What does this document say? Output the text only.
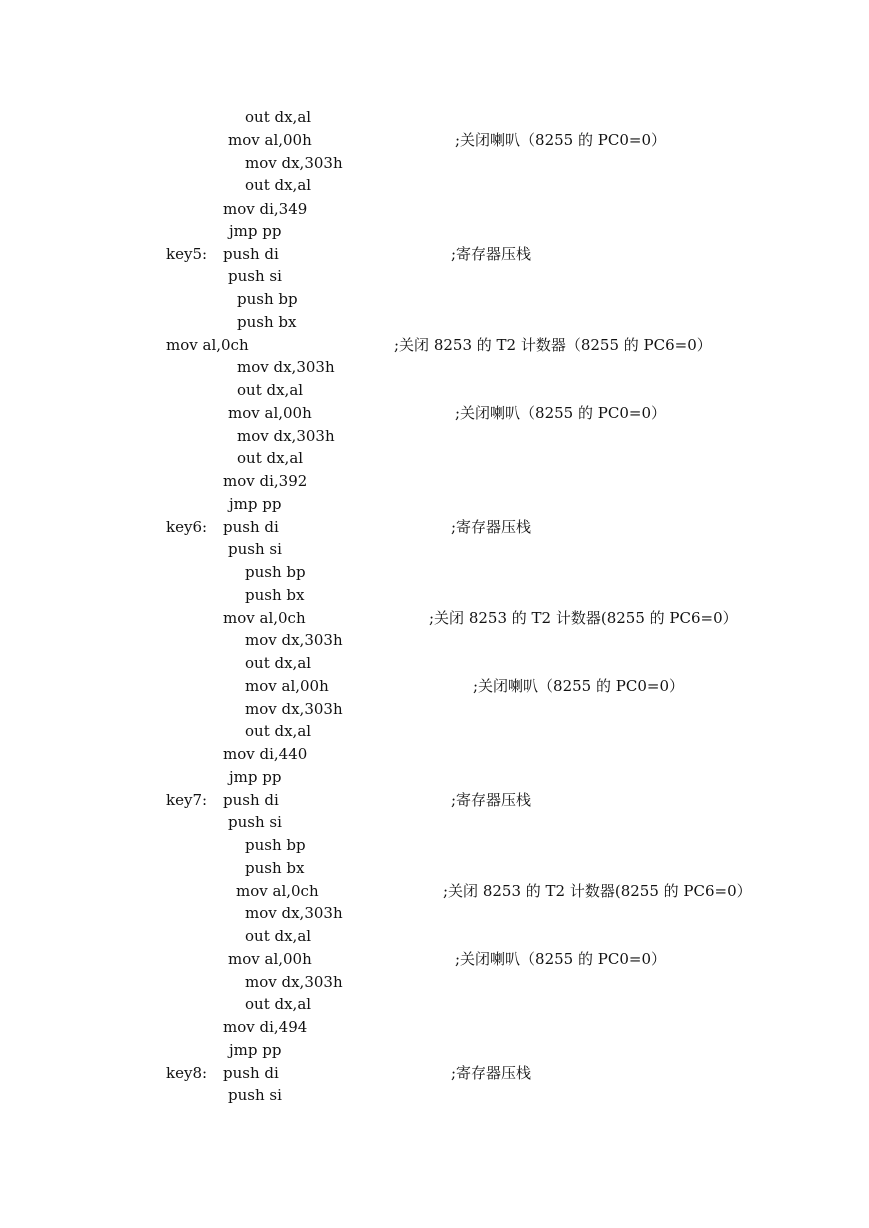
out dx,al
mov al,00h	;关闭喇叭（8255 的 PC0=0）
mov dx,303h
out dx,al
mov di,349
jmp pp
key5: push di	;寄存器压栈
push si
push bp
push bx
mov al,0ch	;关闭 8253 的 T2 计数器（8255 的 PC6=0）
mov dx,303h
out dx,al
mov al,00h	;关闭喇叭（8255 的 PC0=0）
mov dx,303h
out dx,al
mov di,392
jmp pp
key6: push di	;寄存器压栈
push si
push bp
push bx
mov al,0ch	;关闭 8253 的 T2 计数器(8255 的 PC6=0）
mov dx,303h
out dx,al
mov al,00h	;关闭喇叭（8255 的 PC0=0）
mov dx,303h
out dx,al
mov di,440
jmp pp
key7: push di	;寄存器压栈
push si
push bp
push bx
mov al,0ch	;关闭 8253 的 T2 计数器(8255 的 PC6=0）
mov dx,303h
out dx,al
mov al,00h	;关闭喇叭（8255 的 PC0=0）
mov dx,303h
out dx,al
mov di,494
jmp pp
key8: push di	;寄存器压栈
push si
